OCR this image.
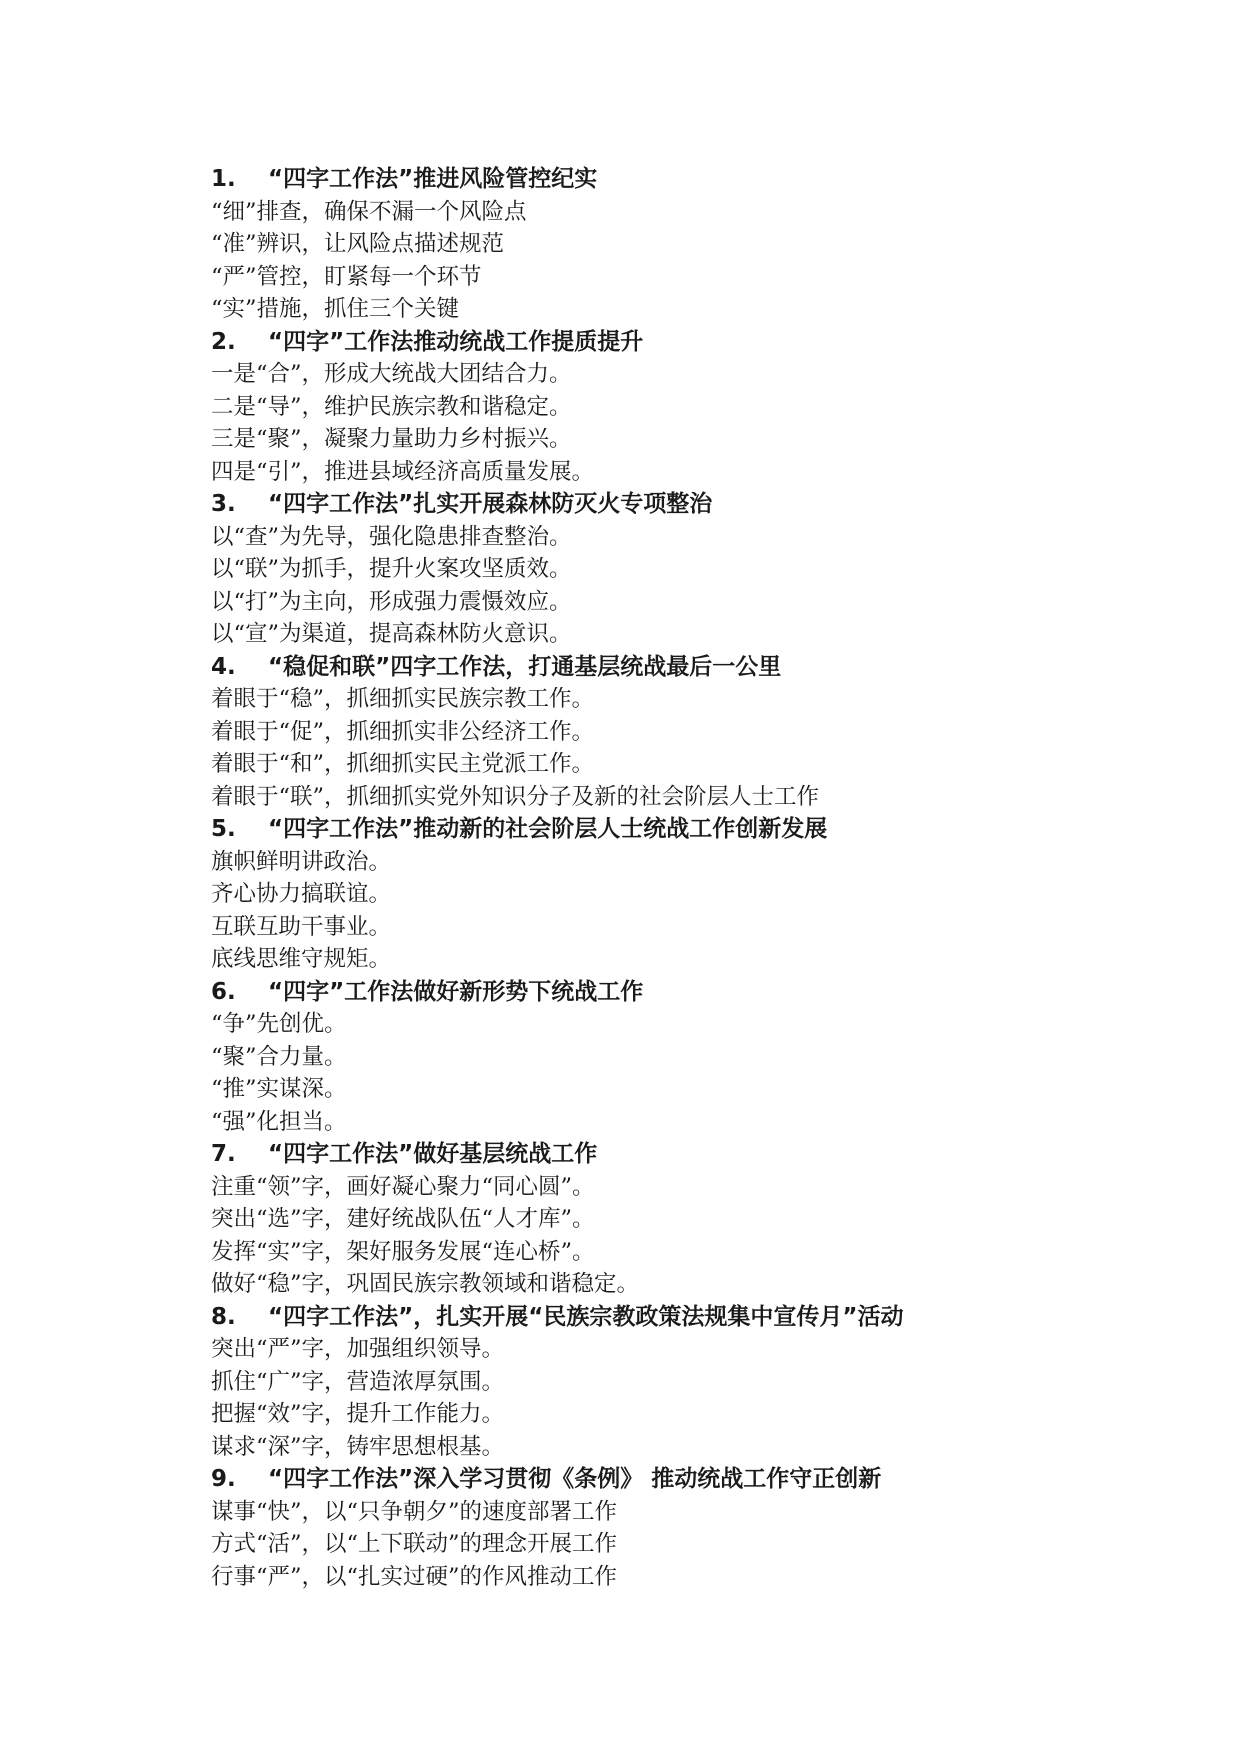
1.	“四字工作法”推进风险管控纪实
“细”排查，确保不漏一个风险点
“准”辨识，让风险点描述规范
“严”管控，盯紧每一个环节
“实”措施，抓住三个关键
2.	“四字”工作法推动统战工作提质提升
一是“合”，形成大统战大团结合力。
二是“导”，维护民族宗教和谐稳定。
三是“聚”，凝聚力量助力乡村振兴。
四是“引”，推进县域经济高质量发展。
3.	“四字工作法”扎实开展森林防灭火专项整治
以“查”为先导，强化隐患排查整治。
以“联”为抓手，提升火案攻坚质效。
以“打”为主向，形成强力震慑效应。
以“宣”为渠道，提高森林防火意识。
4.	“稳促和联”四字工作法，打通基层统战最后一公里
着眼于“稳”，抓细抓实民族宗教工作。
着眼于“促”，抓细抓实非公经济工作。
着眼于“和”，抓细抓实民主党派工作。
着眼于“联”，抓细抓实党外知识分子及新的社会阶层人士工作
5.	“四字工作法”推动新的社会阶层人士统战工作创新发展
旗帜鲜明讲政治。
齐心协力搞联谊。
互联互助干事业。
底线思维守规矩。
6.	“四字”工作法做好新形势下统战工作
“争”先创优。
“聚”合力量。
“推”实谋深。
“强”化担当。
7.	“四字工作法”做好基层统战工作
注重“领”字，画好凝心聚力“同心圆”。
突出“选”字，建好统战队伍“人才库”。
发挥“实”字，架好服务发展“连心桥”。
做好“稳”字，巩固民族宗教领域和谐稳定。
8.	“四字工作法”，扎实开展“民族宗教政策法规集中宣传月”活动
突出“严”字，加强组织领导。
抓住“广”字，营造浓厚氛围。
把握“效”字，提升工作能力。
谋求“深”字，铸牢思想根基。
9.	“四字工作法”深入学习贯彻《条例》 推动统战工作守正创新
谋事“快”，以“只争朝夕”的速度部署工作
方式“活”，以“上下联动”的理念开展工作
行事“严”，以“扎实过硬”的作风推动工作
